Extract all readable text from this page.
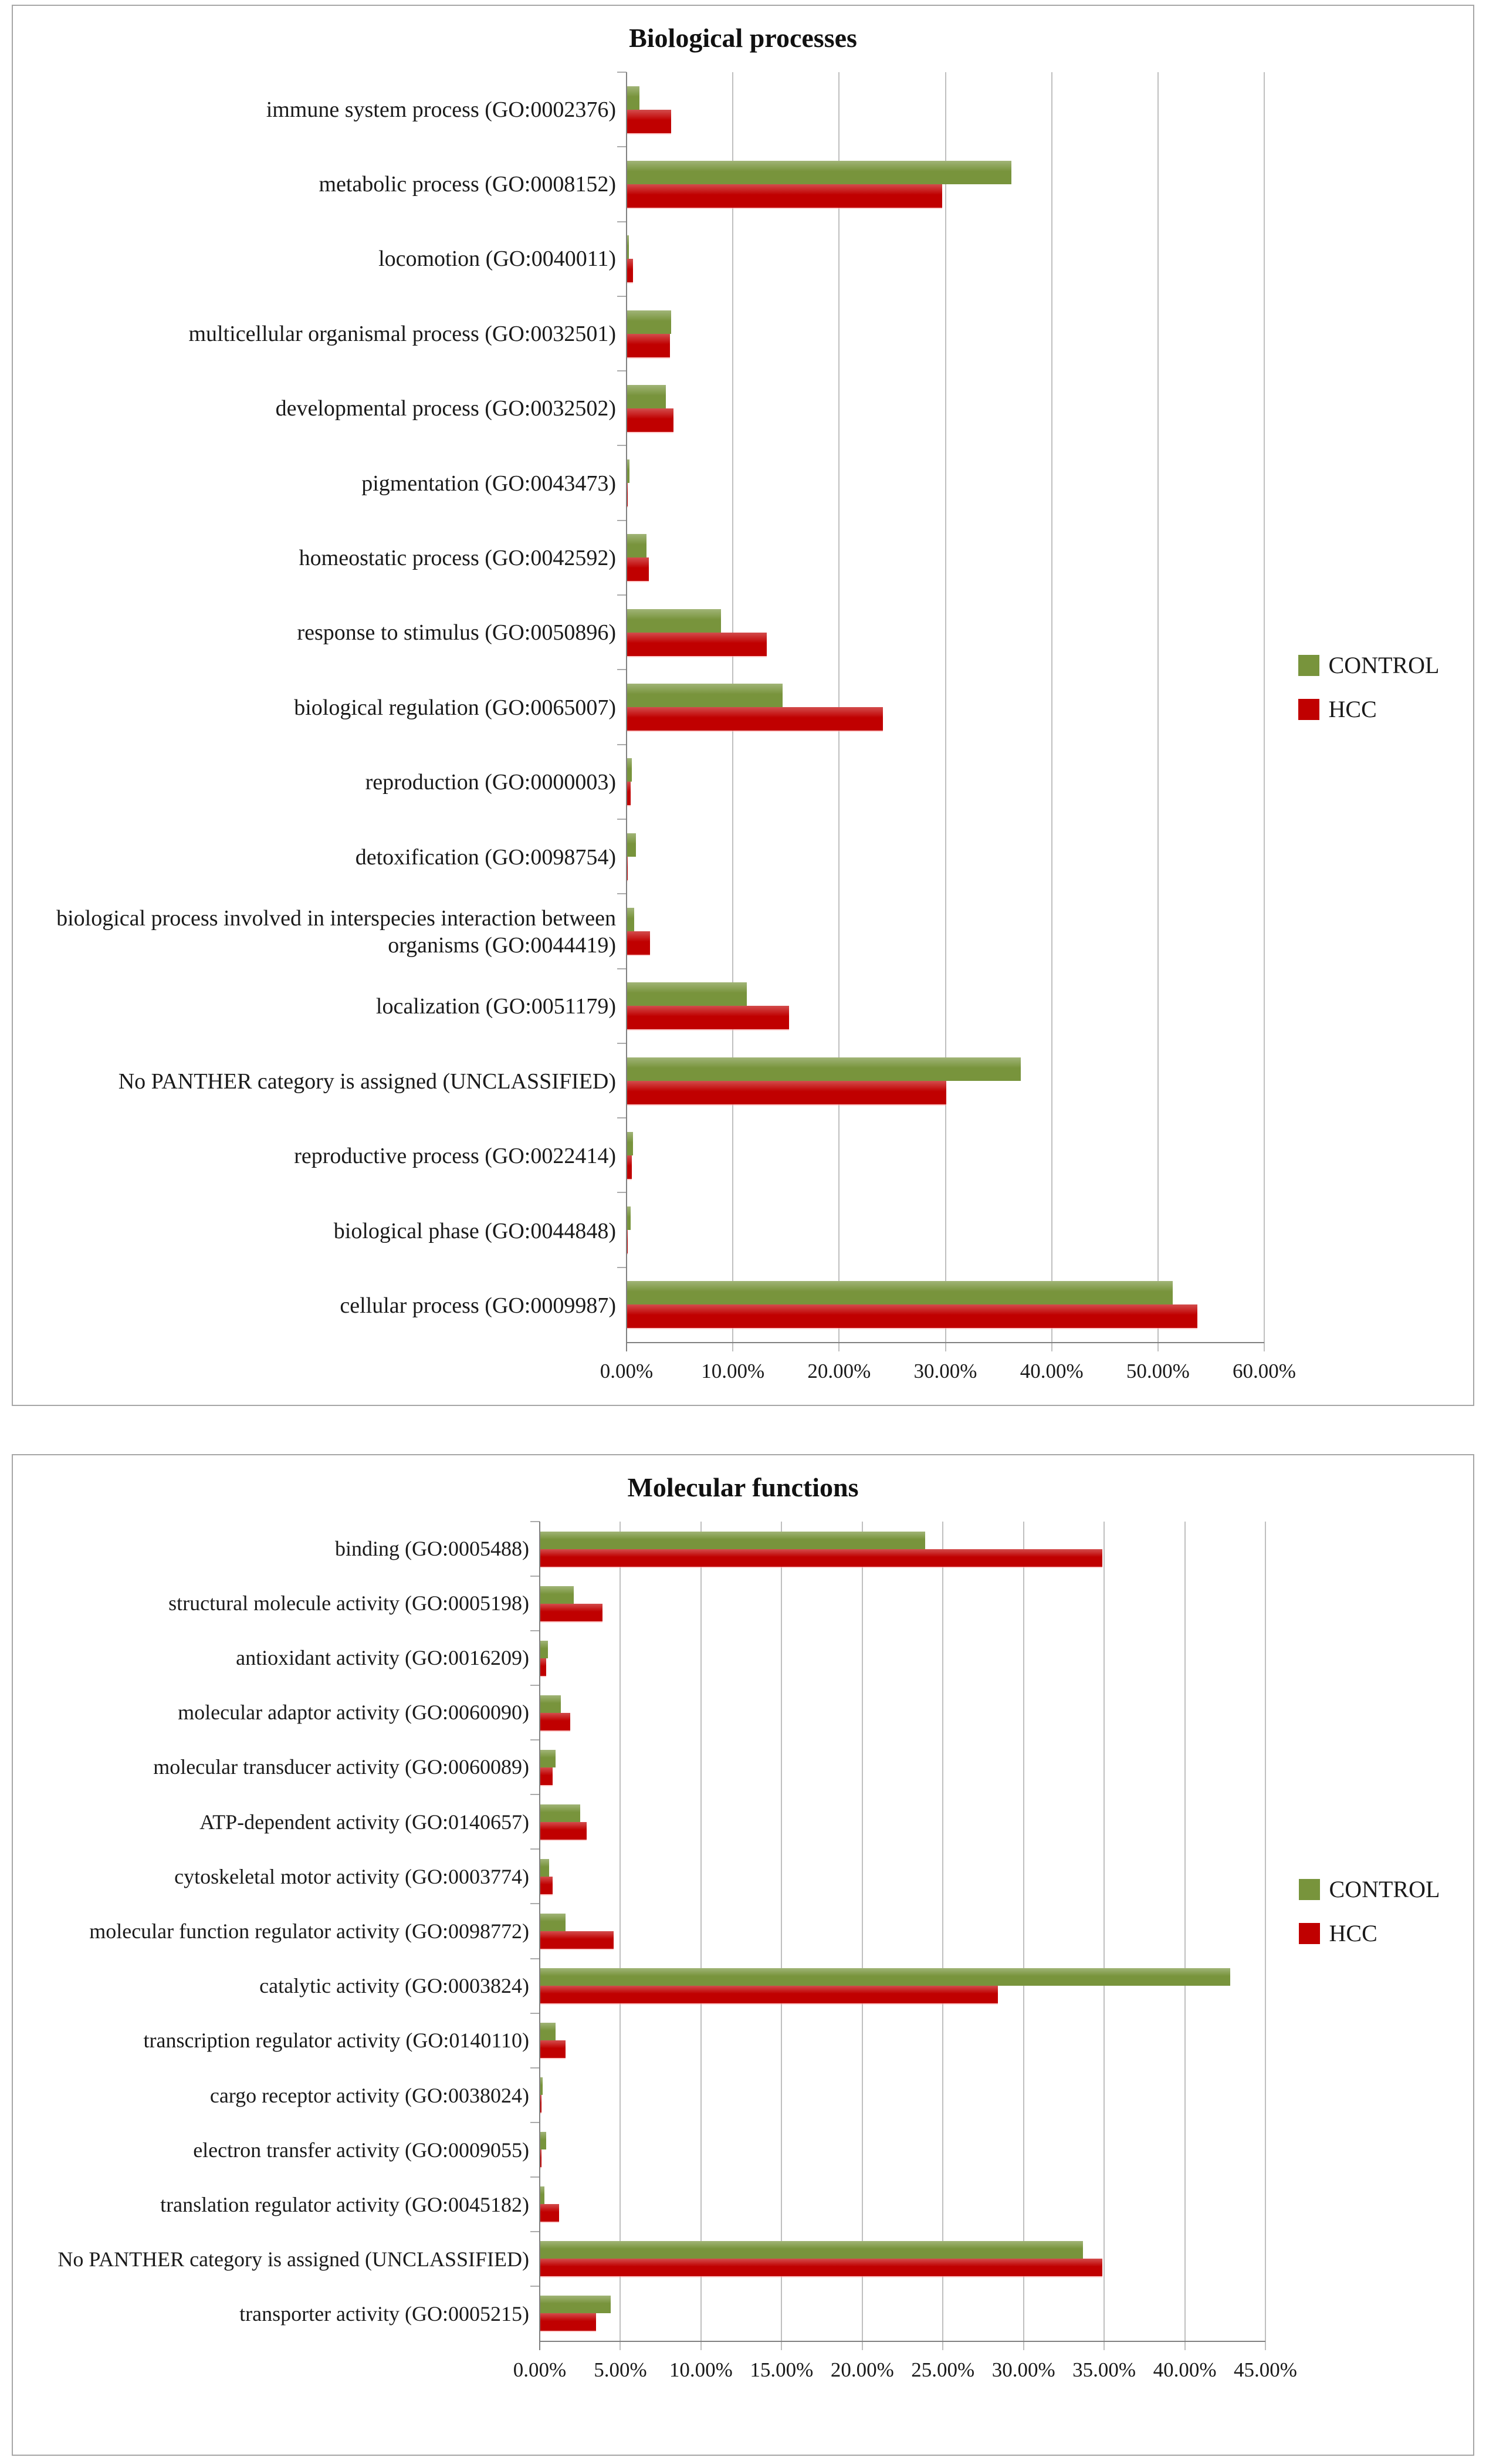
Biological processes
immune system process (GO:0002376)
metabolic process (GO:0008152)
locomotion (GO:0040011)
multicellular organismal process (GO:0032501)
developmental process (GO:0032502)
pigmentation (GO:0043473)
homeostatic process (GO:0042592)
response to stimulus (GO:0050896)
biological regulation (GO:0065007)
reproduction (GO:0000003)
detoxification (GO:0098754)
biological process involved in interspecies interaction between organisms (GO:0044419)
localization (GO:0051179)
No PANTHER category is assigned (UNCLASSIFIED)
reproductive process (GO:0022414)
biological phase (GO:0044848)
cellular process (GO:0009987)
CONTROL
HCC
0.00% 10.00% 20.00% 30.00% 40.00% 50.00% 60.00%
Molecular functions
binding (GO:0005488)
structural molecule activity (GO:0005198)
antioxidant activity (GO:0016209)
molecular adaptor activity (GO:0060090)
molecular transducer activity (GO:0060089)
ATP-dependent activity (GO:0140657)
cytoskeletal motor activity (GO:0003774)
molecular function regulator activity (GO:0098772)
catalytic activity (GO:0003824)
transcription regulator activity (GO:0140110)
cargo receptor activity (GO:0038024)
electron transfer activity (GO:0009055)
translation regulator activity (GO:0045182)
No PANTHER category is assigned (UNCLASSIFIED)
transporter activity (GO:0005215)
CONTROL
HCC
0.00% 5.00% 10.00% 15.00% 20.00% 25.00% 30.00% 35.00% 40.00% 45.00%
